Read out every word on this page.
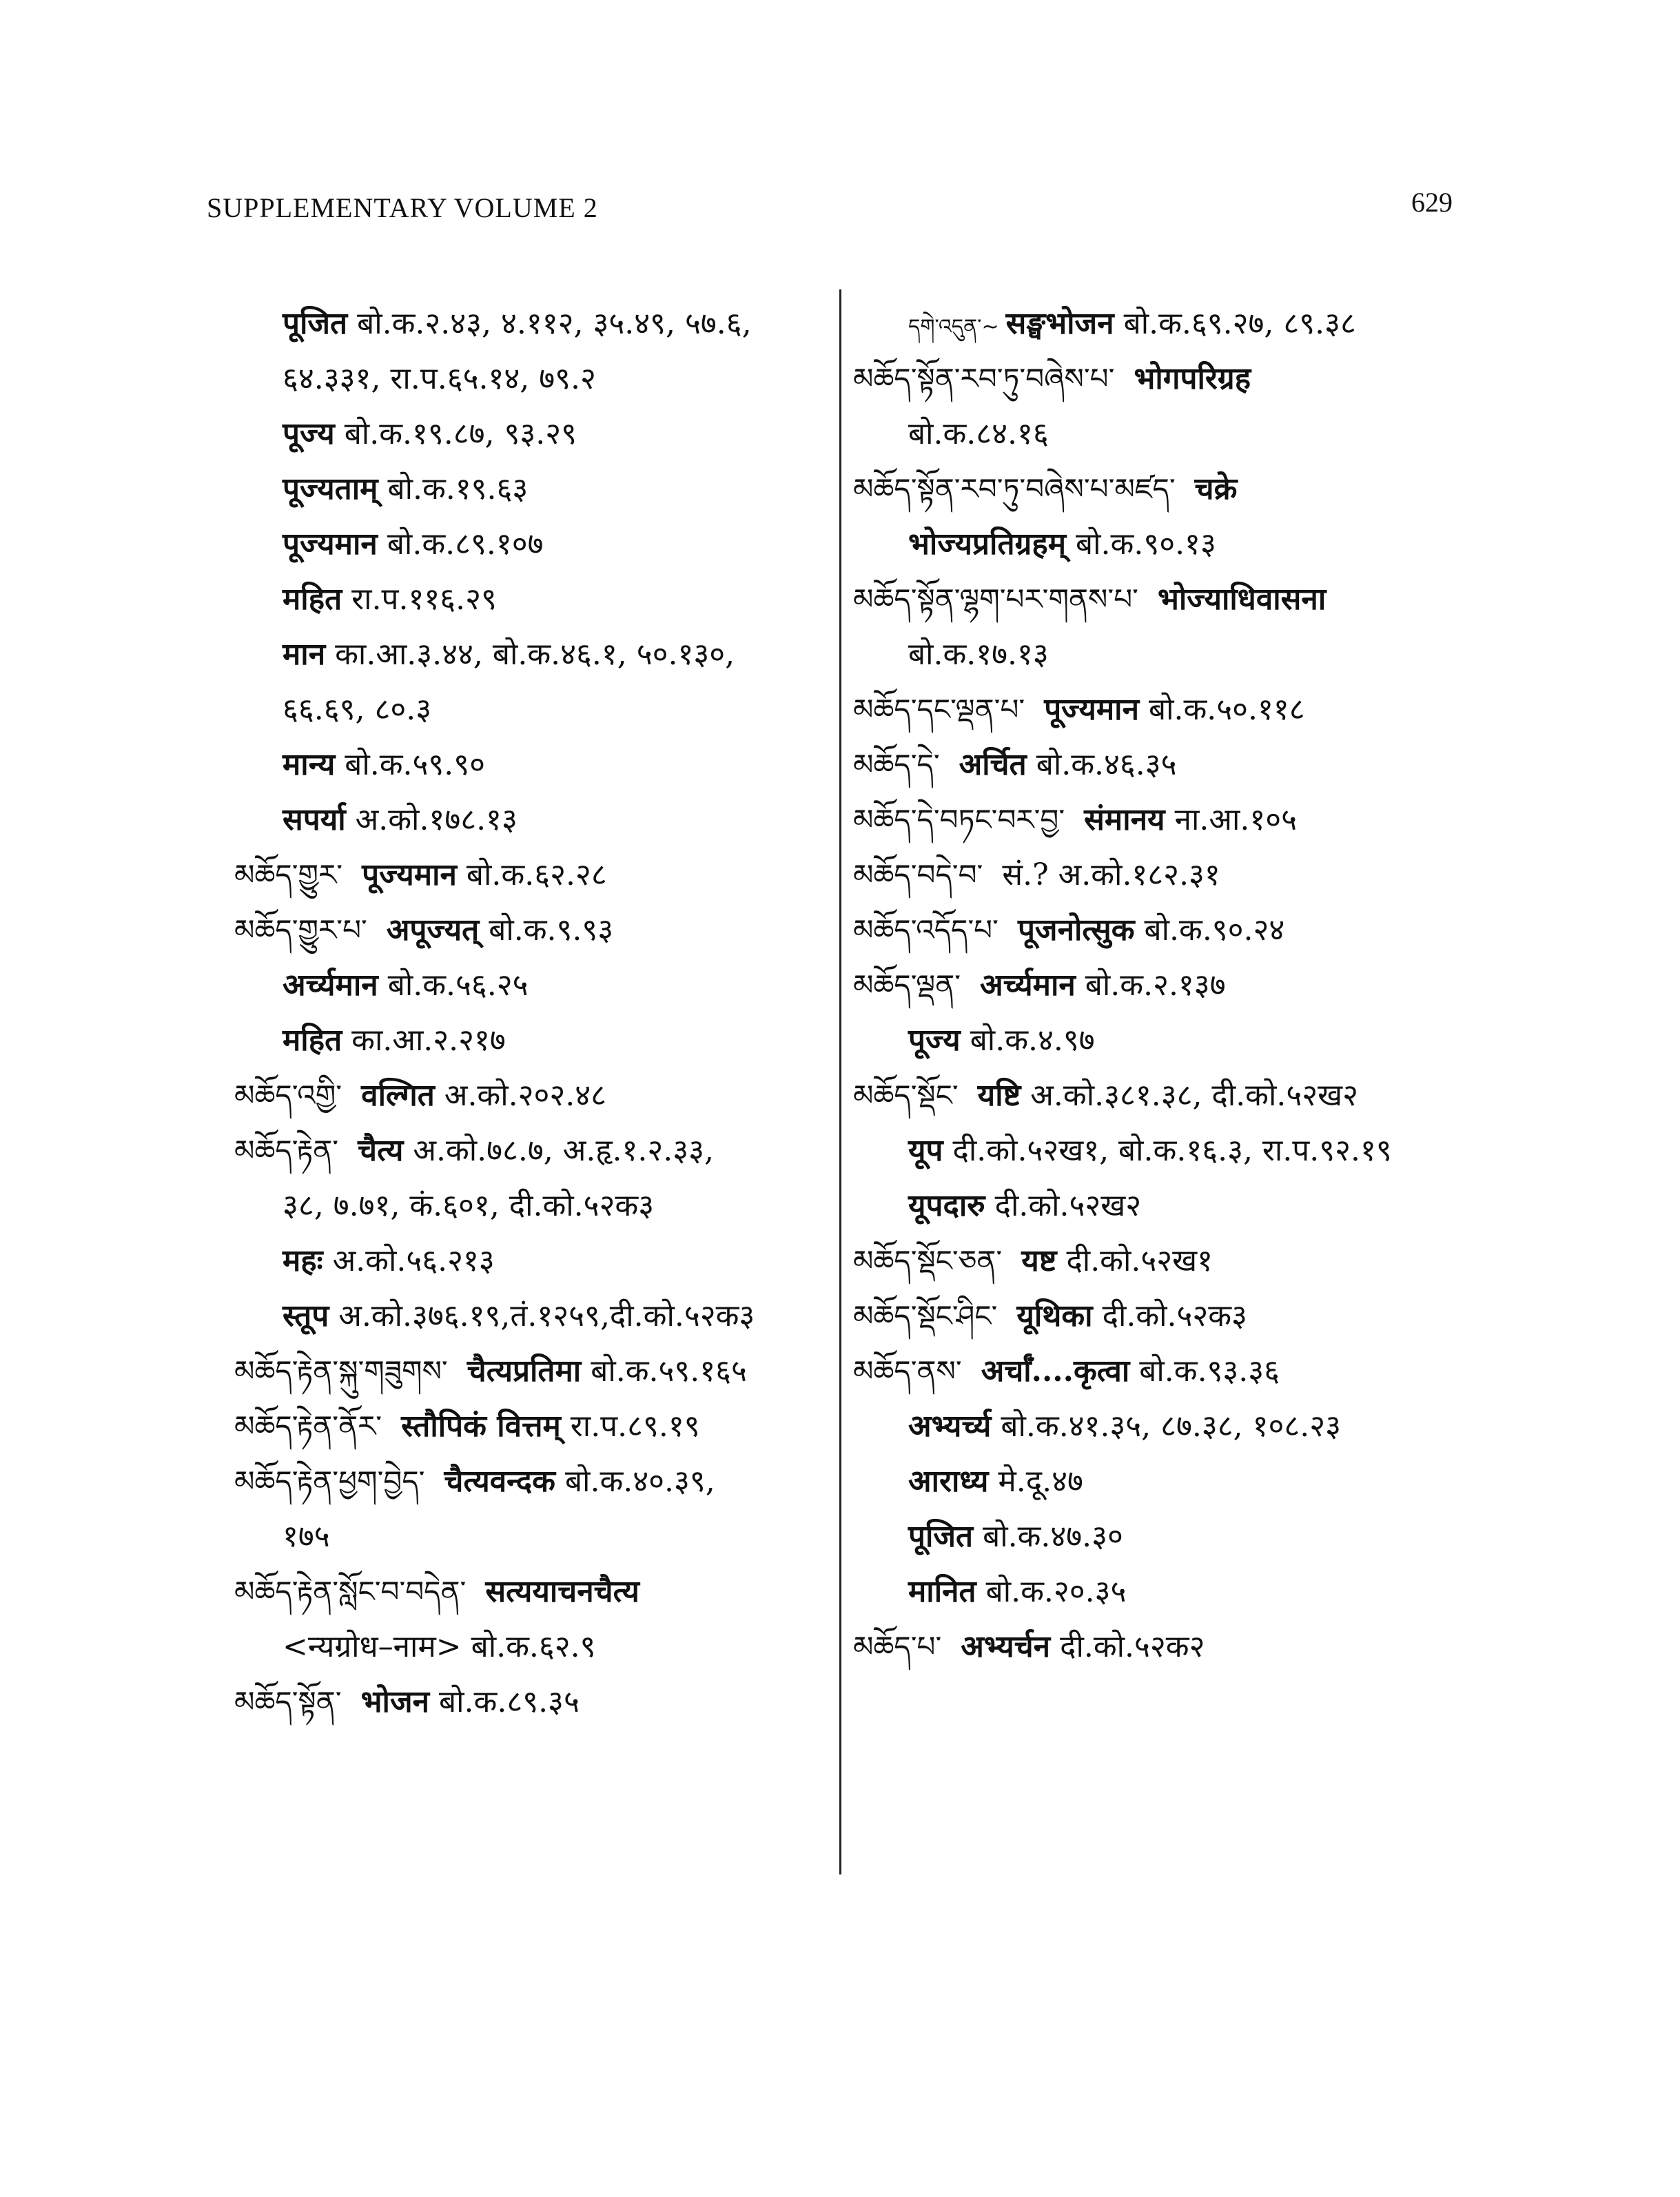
SUPPLEMENTARY VOLUME 2	629
पूजित बो.क.२.४३, ४.११२, ३५.४९, ५७.६,
६४.३३१, रा.प.६५.१४, ७९.२
पूज्य बो.क.१९.८७, ९३.२९
पूज्यताम् बो.क.१९.६३
पूज्यमान बो.क.८९.१०७
महित रा.प.११६.२९
मान का.आ.३.४४, बो.क.४६.१, ५०.१३०,
६६.६९, ८०.३
मान्य बो.क.५९.९०
सपर्या अ.को.१७८.१३
མཆོད་གྱུར་ पूज्यमान बो.क.६२.२८
མཆོད་གྱུར་པ་ अपूज्यत् बो.क.९.९३
अर्च्यमान बो.क.५६.२५
महित का.आ.२.२१७
མཆོད་འགྱི་ वल्गित अ.को.२०२.४८
མཆོད་རྟེན་ चैत्य अ.को.७८.७, अ.हृ.१.२.३३,
३८, ७.७१, कं.६०१, दी.को.५२क३
महः अ.को.५६.२१३
स्तूप अ.को.३७६.१९,तं.१२५९,दी.को.५२क३
མཆོད་རྟེན་སྐུ་གཟུགས་ चैत्यप्रतिमा बो.क.५९.१६५
མཆོད་རྟེན་ནོར་ स्तौपिकं वित्तम् रा.प.८९.१९
མཆོད་རྟེན་ཕྱག་བྱེད་ चैत्यवन्दक बो.क.४०.३९,
१७५
མཆོད་རྟེན་སློང་བ་བདེན་ सत्ययाचनचैत्य
<न्यग्रोध–नाम> बो.क.६२.९
མཆོད་སྟོན་ भोजन बो.क.८९.३५
དགེ་འདུན་~ सङ्घभोजन बो.क.६९.२७, ८९.३८
མཆོད་སྟོན་རབ་ཏུ་བཞེས་པ་ भोगपरिग्रह
बो.क.८४.१६
མཆོད་སྟོན་རབ་ཏུ་བཞེས་པ་མཛད་ चक्रे
भोज्यप्रतिग्रहम् बो.क.९०.१३
མཆོད་སྟོན་ལྷག་པར་གནས་པ་ भोज्याधिवासना
बो.क.१७.१३
མཆོད་དང་ལྡན་པ་ पूज्यमान बो.क.५०.११८
མཆོད་དེ་ अर्चित बो.क.४६.३५
མཆོད་དེ་བཏང་བར་བྱ་ संमानय ना.आ.१०५
མཆོད་བདེ་བ་ सं.? अ.को.१८२.३१
མཆོད་འདོད་པ་ पूजनोत्सुक बो.क.९०.२४
མཆོད་ལྡན་ अर्च्यमान बो.क.२.१३७
पूज्य बो.क.४.९७
མཆོད་སྡོང་ यष्टि अ.को.३८१.३८, दी.को.५२ख२
यूप दी.को.५२ख१, बो.क.१६.३, रा.प.९२.१९
यूपदारु दी.को.५२ख२
མཆོད་སྡོང་ཅན་ यष्ट दी.को.५२ख१
མཆོད་སྡོང་ཤིང་ यूथिका दी.को.५२क३
མཆོད་ནས་ अर्चाँ....कृत्वा बो.क.९३.३६
अभ्यर्च्य बो.क.४१.३५, ८७.३८, १०८.२३
आराध्य मे.दू.४७
पूजित बो.क.४७.३०
मानित बो.क.२०.३५
མཆོད་པ་ अभ्यर्चन दी.को.५२क२
